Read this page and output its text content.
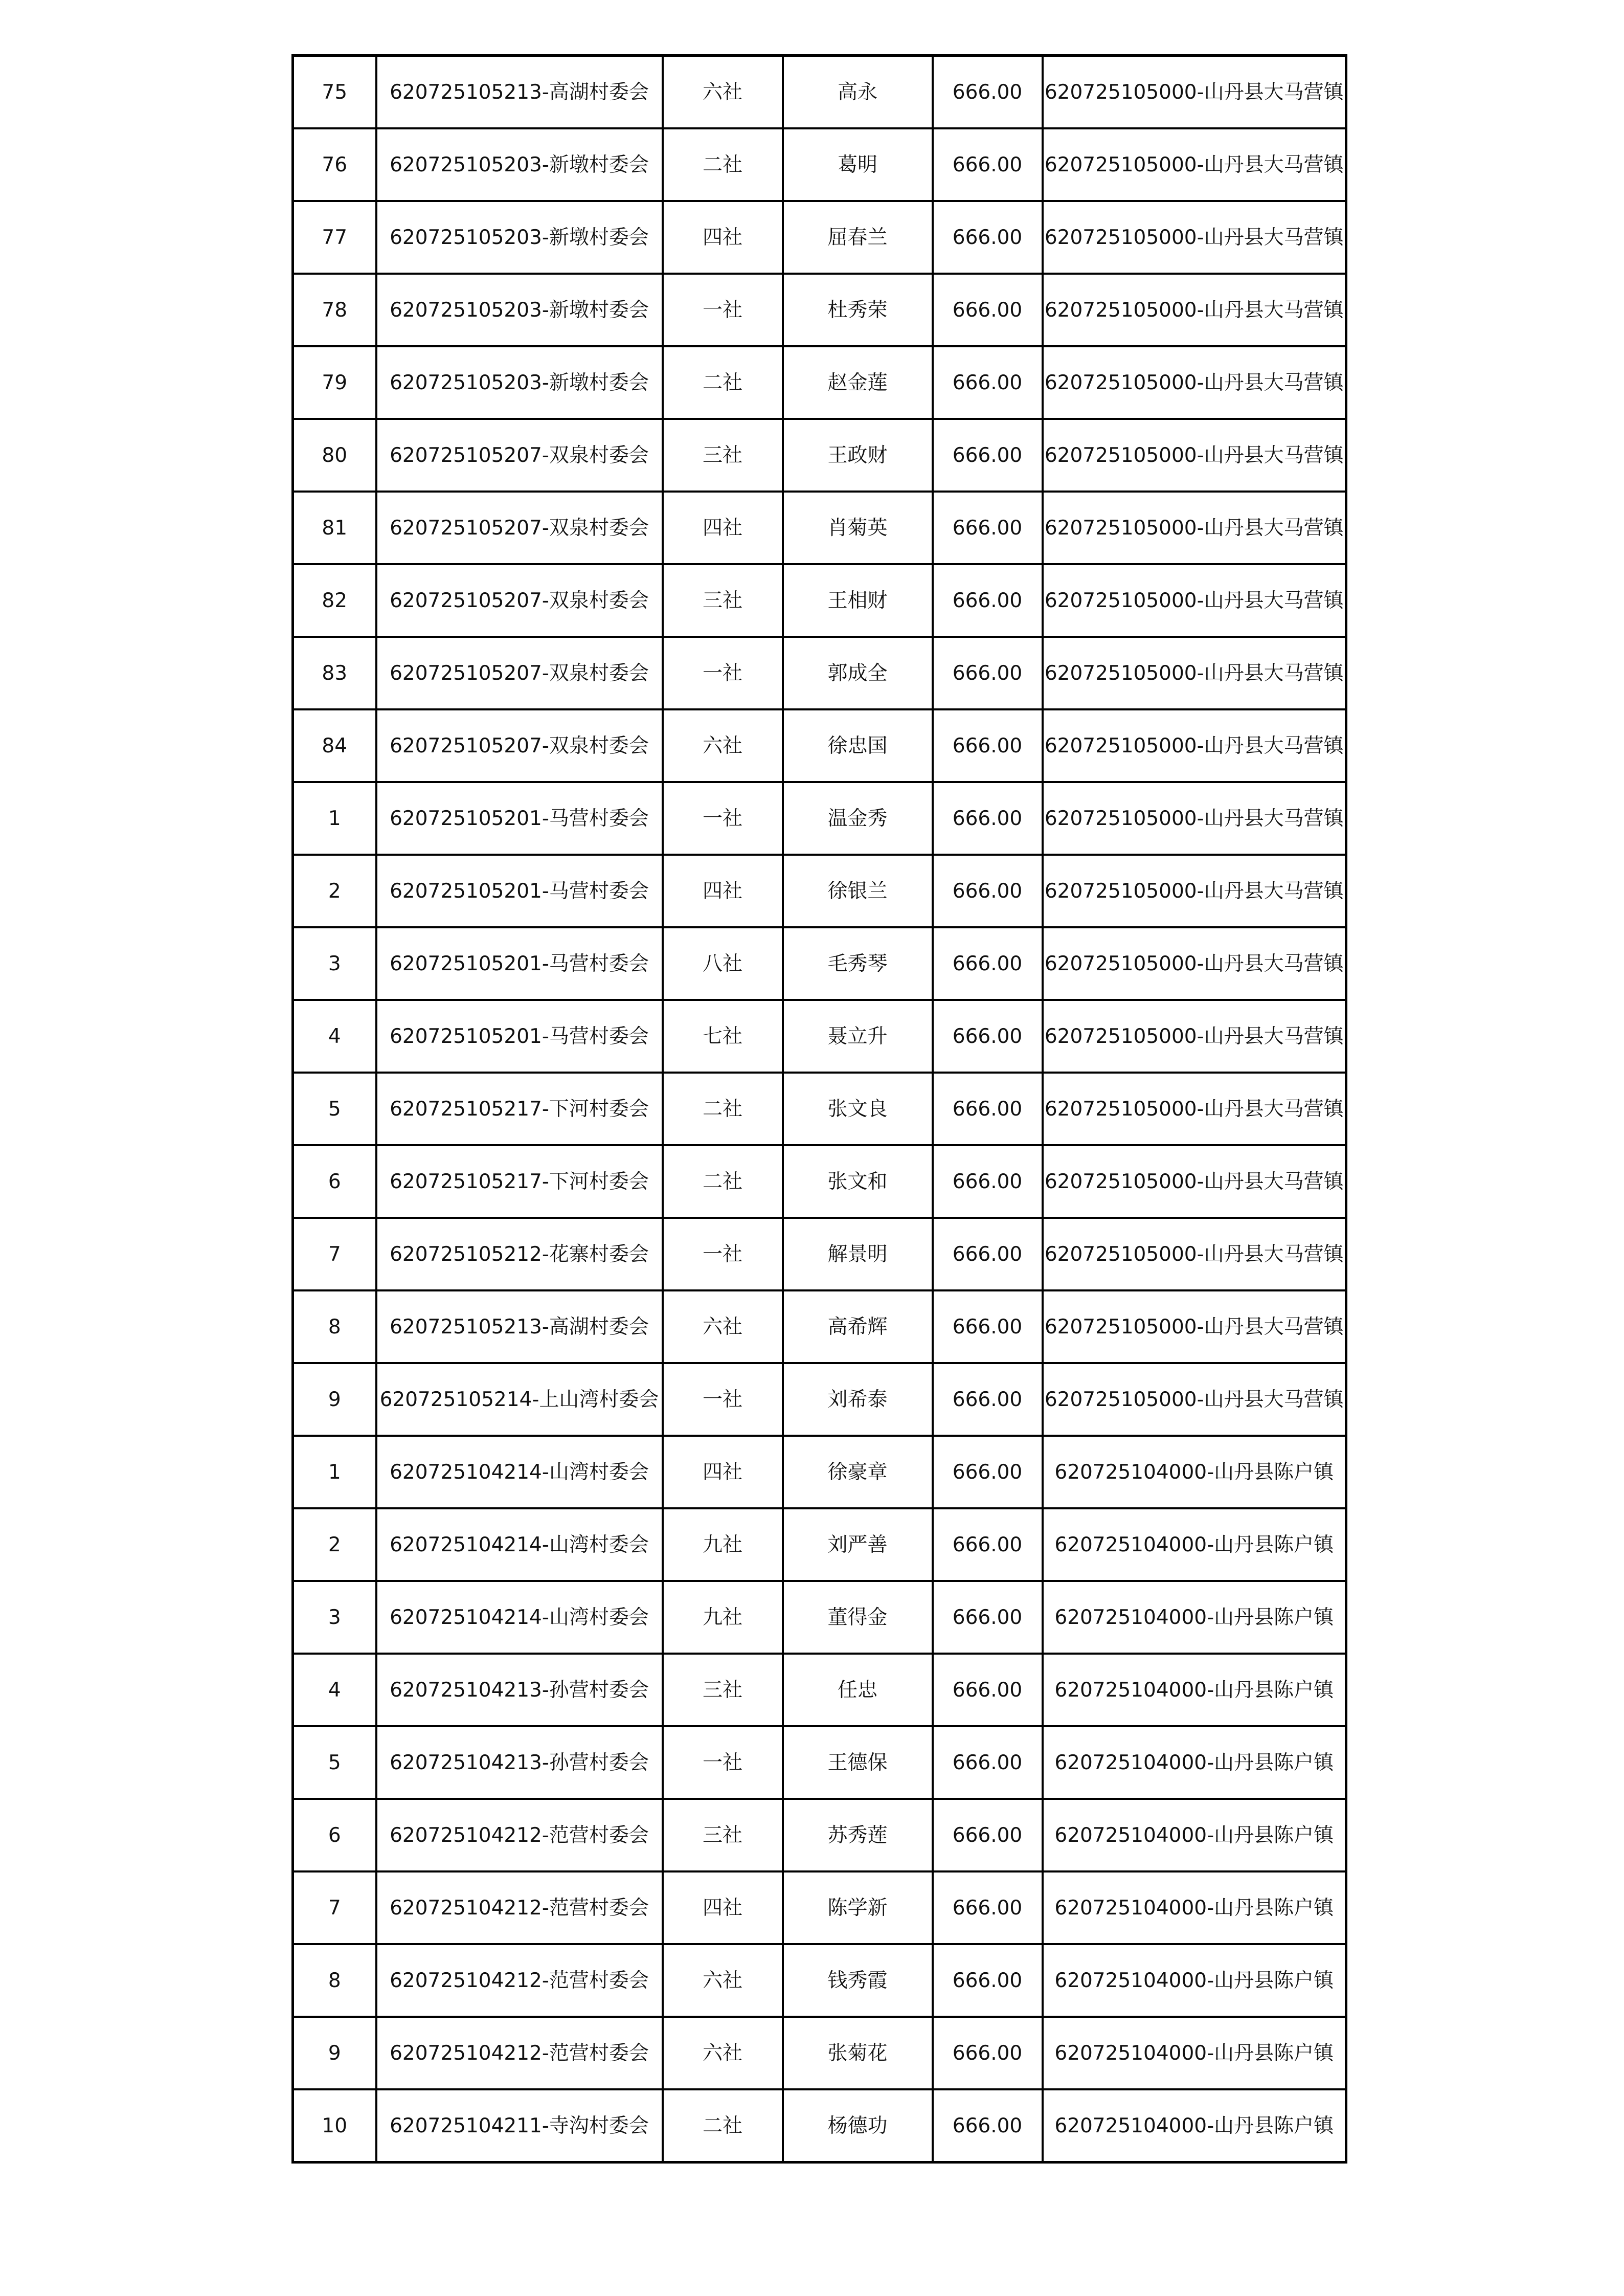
75	620725105213-高湖村委会	六社	高永	666.00	620725105000-山丹县大马营镇
76	620725105203-新墩村委会	二社	葛明	666.00	620725105000-山丹县大马营镇
77	620725105203-新墩村委会	四社	屈春兰	666.00	620725105000-山丹县大马营镇
78	620725105203-新墩村委会	一社	杜秀荣	666.00	620725105000-山丹县大马营镇
79	620725105203-新墩村委会	二社	赵金莲	666.00	620725105000-山丹县大马营镇
80	620725105207-双泉村委会	三社	王政财	666.00	620725105000-山丹县大马营镇
81	620725105207-双泉村委会	四社	肖菊英	666.00	620725105000-山丹县大马营镇
82	620725105207-双泉村委会	三社	王相财	666.00	620725105000-山丹县大马营镇
83	620725105207-双泉村委会	一社	郭成全	666.00	620725105000-山丹县大马营镇
84	620725105207-双泉村委会	六社	徐忠国	666.00	620725105000-山丹县大马营镇
1	620725105201-马营村委会	一社	温金秀	666.00	620725105000-山丹县大马营镇
2	620725105201-马营村委会	四社	徐银兰	666.00	620725105000-山丹县大马营镇
3	620725105201-马营村委会	八社	毛秀琴	666.00	620725105000-山丹县大马营镇
4	620725105201-马营村委会	七社	聂立升	666.00	620725105000-山丹县大马营镇
5	620725105217-下河村委会	二社	张文良	666.00	620725105000-山丹县大马营镇
6	620725105217-下河村委会	二社	张文和	666.00	620725105000-山丹县大马营镇
7	620725105212-花寨村委会	一社	解景明	666.00	620725105000-山丹县大马营镇
8	620725105213-高湖村委会	六社	高希辉	666.00	620725105000-山丹县大马营镇
9	620725105214-上山湾村委会	一社	刘希泰	666.00	620725105000-山丹县大马营镇
1	620725104214-山湾村委会	四社	徐豪章	666.00	620725104000-山丹县陈户镇
2	620725104214-山湾村委会	九社	刘严善	666.00	620725104000-山丹县陈户镇
3	620725104214-山湾村委会	九社	董得金	666.00	620725104000-山丹县陈户镇
4	620725104213-孙营村委会	三社	任忠	666.00	620725104000-山丹县陈户镇
5	620725104213-孙营村委会	一社	王德保	666.00	620725104000-山丹县陈户镇
6	620725104212-范营村委会	三社	苏秀莲	666.00	620725104000-山丹县陈户镇
7	620725104212-范营村委会	四社	陈学新	666.00	620725104000-山丹县陈户镇
8	620725104212-范营村委会	六社	钱秀霞	666.00	620725104000-山丹县陈户镇
9	620725104212-范营村委会	六社	张菊花	666.00	620725104000-山丹县陈户镇
10	620725104211-寺沟村委会	二社	杨德功	666.00	620725104000-山丹县陈户镇
